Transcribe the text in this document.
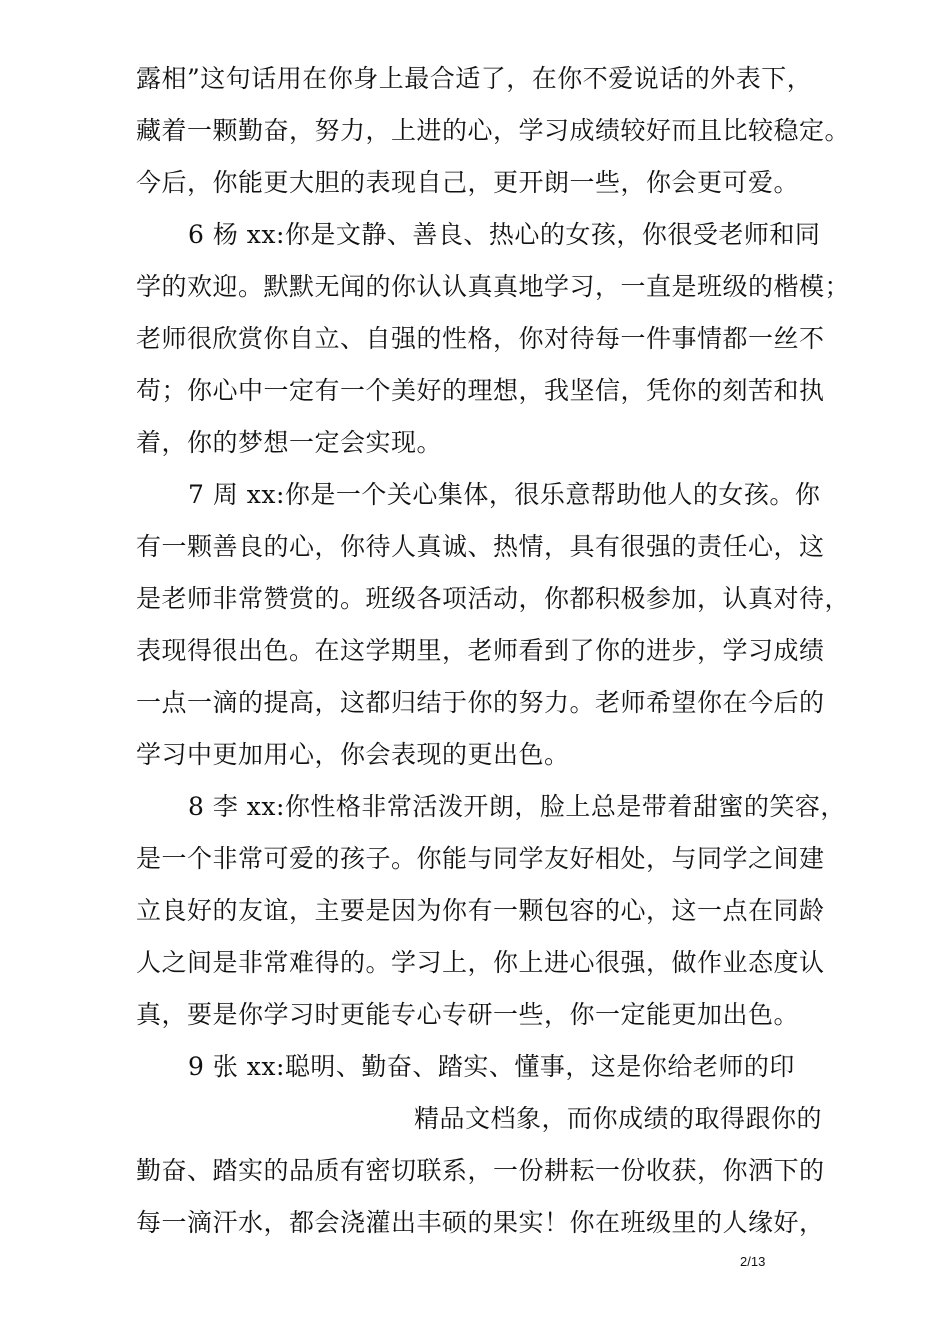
露相”这句话用在你身上最合适了，在你不爱说话的外表下，
藏着一颗勤奋，努力，上进的心，学习成绩较好而且比较稳定。
今后，你能更大胆的表现自己，更开朗一些，你会更可爱。
6 杨 xx:你是文静、善良、热心的女孩，你很受老师和同
学的欢迎。默默无闻的你认认真真地学习，一直是班级的楷模；
老师很欣赏你自立、自强的性格，你对待每一件事情都一丝不
苟；你心中一定有一个美好的理想，我坚信，凭你的刻苦和执
着，你的梦想一定会实现。
7 周 xx:你是一个关心集体，很乐意帮助他人的女孩。你
有一颗善良的心，你待人真诚、热情，具有很强的责任心，这
是老师非常赞赏的。班级各项活动，你都积极参加，认真对待，
表现得很出色。在这学期里，老师看到了你的进步，学习成绩
一点一滴的提高，这都归结于你的努力。老师希望你在今后的
学习中更加用心，你会表现的更出色。
8 李 xx:你性格非常活泼开朗，脸上总是带着甜蜜的笑容，
是一个非常可爱的孩子。你能与同学友好相处，与同学之间建
立良好的友谊，主要是因为你有一颗包容的心，这一点在同龄
人之间是非常难得的。学习上，你上进心很强，做作业态度认
真，要是你学习时更能专心专研一些，你一定能更加出色。
9 张 xx:聪明、勤奋、踏实、懂事，这是你给老师的印
精品文档象，而你成绩的取得跟你的
勤奋、踏实的品质有密切联系，一份耕耘一份收获，你洒下的
每一滴汗水，都会浇灌出丰硕的果实！你在班级里的人缘好，
2/13
